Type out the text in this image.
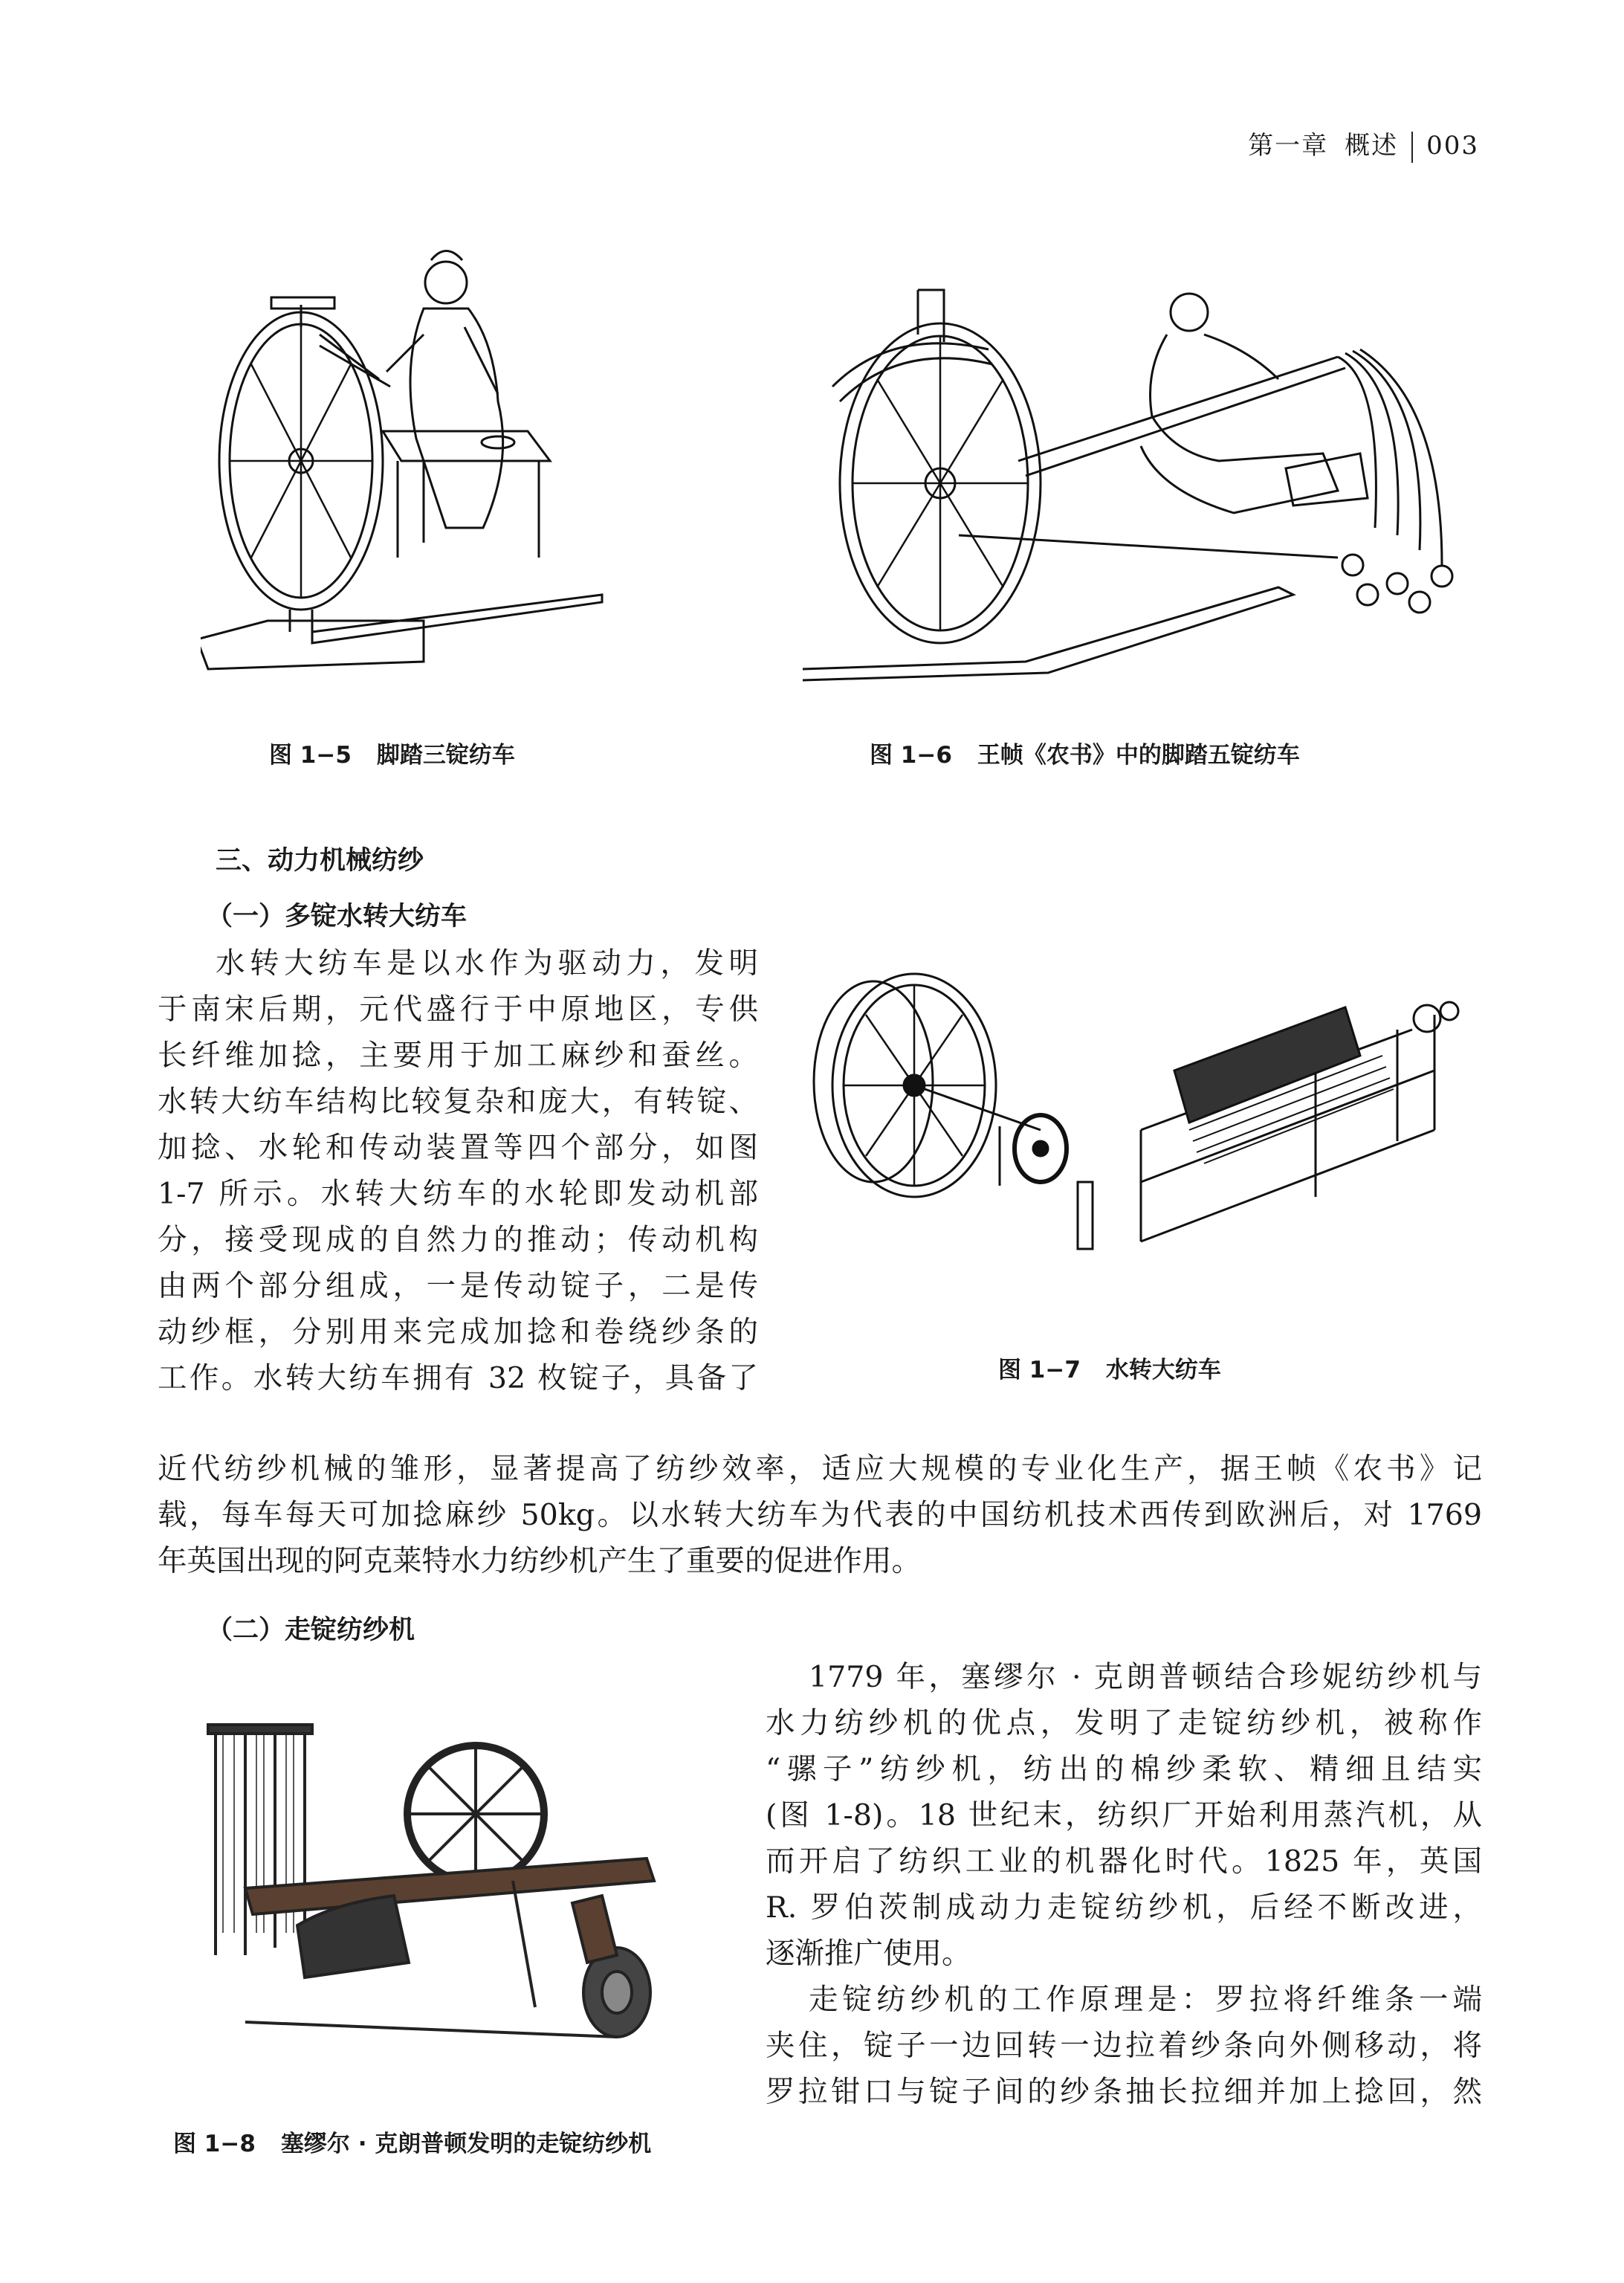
第一章 概述 003
图 1−5 脚踏三锭纺车	图 1−6 王帧《农书》中的脚踏五锭纺车
三、动力机械纺纱
（一）多锭水转大纺车
水转大纺车是以水作为驱动力，发明
于南宋后期，元代盛行于中原地区，专供
长纤维加捻，主要用于加工麻纱和蚕丝。
水转大纺车结构比较复杂和庞大，有转锭、
加捻、水轮和传动装置等四个部分，如图
1-7 所示。水转大纺车的水轮即发动机部
分，接受现成的自然力的推动；传动机构
由两个部分组成，一是传动锭子，二是传
动纱框，分别用来完成加捻和卷绕纱条的
工作。水转大纺车拥有 32 枚锭子，具备了	图 1−7 水转大纺车
近代纺纱机械的雏形，显著提高了纺纱效率，适应大规模的专业化生产，据王帧《农书》记
载，每车每天可加捻麻纱 50kg。以水转大纺车为代表的中国纺机技术西传到欧洲后，对 1769
年英国出现的阿克莱特水力纺纱机产生了重要的促进作用。
（二）走锭纺纱机
图 1−8 塞缪尔 · 克朗普顿发明的走锭纺纱机
1779 年，塞缪尔 · 克朗普顿结合珍妮纺纱机与
水力纺纱机的优点，发明了走锭纺纱机，被称作
“骡子”纺纱机，纺出的棉纱柔软、精细且结实
(图 1-8)。18 世纪末，纺织厂开始利用蒸汽机，从
而开启了纺织工业的机器化时代。1825 年，英国
R. 罗伯茨制成动力走锭纺纱机，后经不断改进，
逐渐推广使用。
走锭纺纱机的工作原理是：罗拉将纤维条一端
夹住，锭子一边回转一边拉着纱条向外侧移动，将
罗拉钳口与锭子间的纱条抽长拉细并加上捻回，然
